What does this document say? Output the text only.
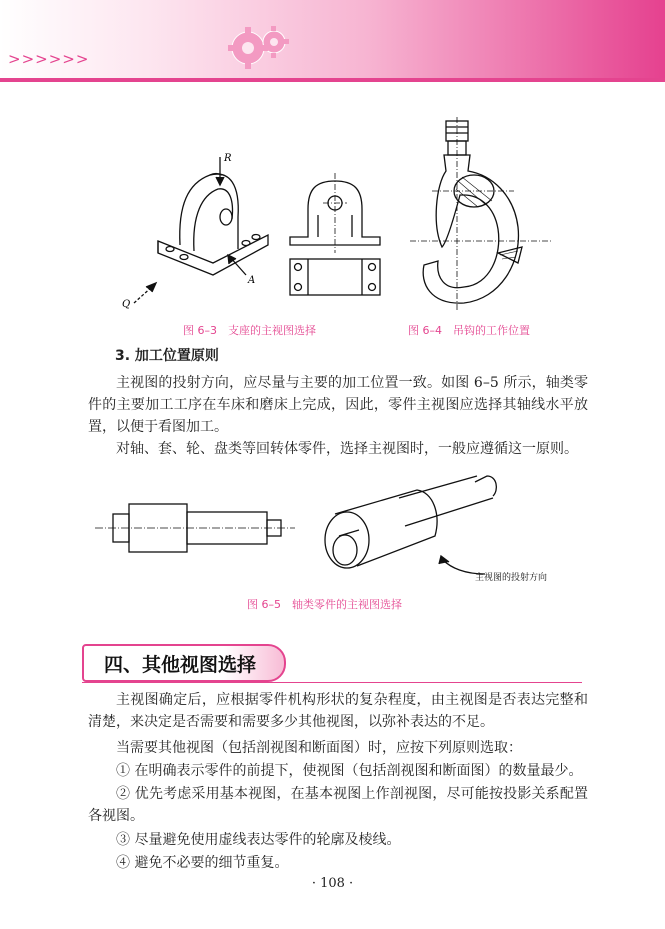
>>>>>>
R
A
Q
图 6–3　支座的主视图选择	图 6–4　吊钩的工作位置
3. 加工位置原则

主视图的投射方向，应尽量与主要的加工位置一致。如图 6–5 所示，轴类零件的主要加工工序在车床和磨床上完成，因此，零件主视图应选择其轴线水平放置，以便于看图加工。

对轴、套、轮、盘类等回转体零件，选择主视图时，一般应遵循这一原则。

主视图的投射方向
图 6–5　轴类零件的主视图选择
四、其他视图选择

主视图确定后，应根据零件机构形状的复杂程度，由主视图是否表达完整和清楚，来决定是否需要和需要多少其他视图，以弥补表达的不足。

当需要其他视图（包括剖视图和断面图）时，应按下列原则选取：

① 在明确表示零件的前提下，使视图（包括剖视图和断面图）的数量最少。

② 优先考虑采用基本视图，在基本视图上作剖视图，尽可能按投影关系配置各视图。

③ 尽量避免使用虚线表达零件的轮廓及棱线。

④ 避免不必要的细节重复。

· 108 ·
